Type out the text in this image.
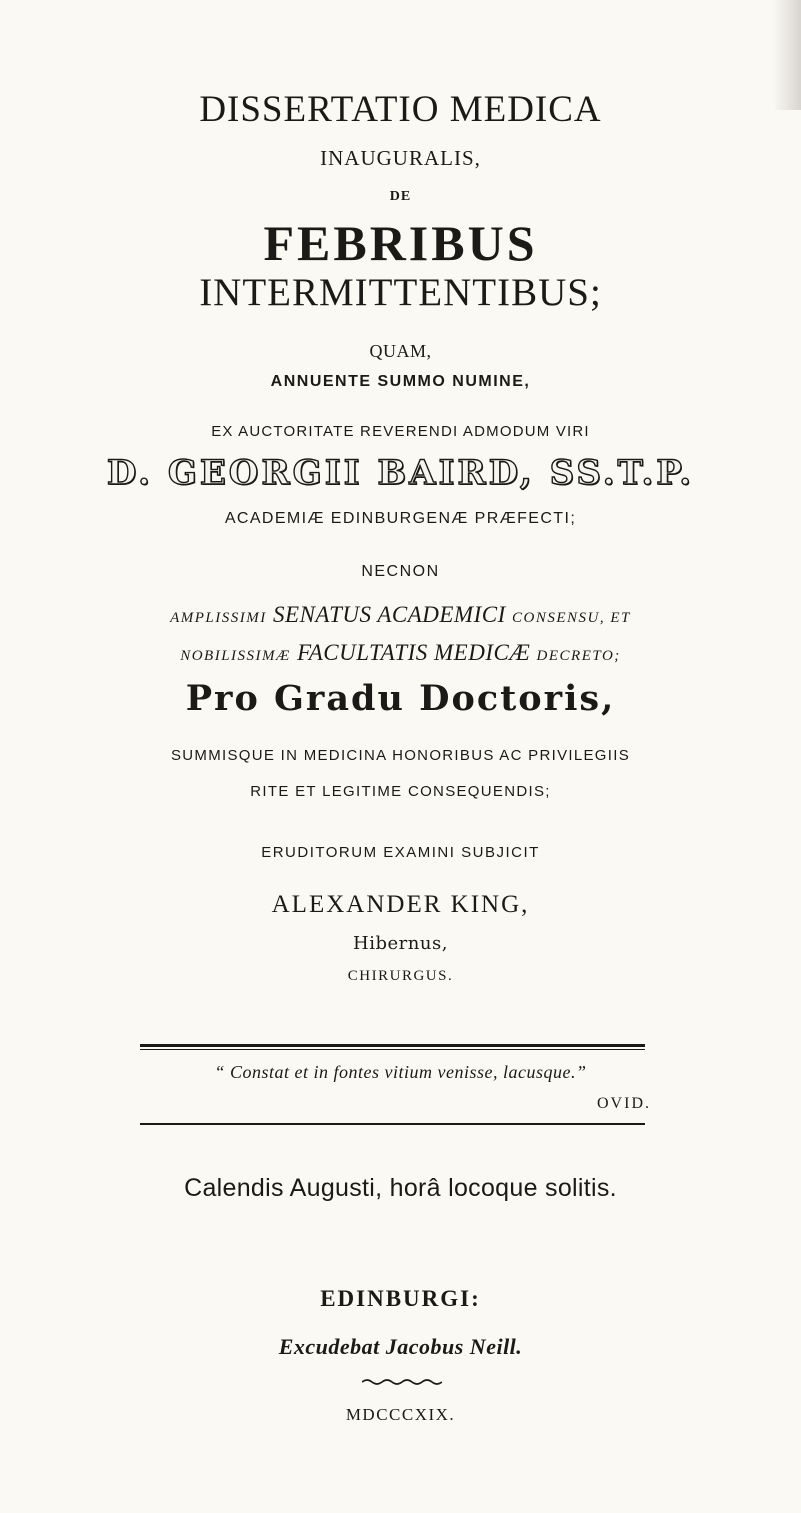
DISSERTATIO MEDICA
INAUGURALIS,
DE
FEBRIBUS
INTERMITTENTIBUS;
QUAM,
ANNUENTE SUMMO NUMINE,
EX AUCTORITATE REVERENDI ADMODUM VIRI
D. GEORGII BAIRD, SS.T.P.
ACADEMIÆ EDINBURGENÆ PRÆFECTI;
NECNON
AMPLISSIMI SENATUS ACADEMICI CONSENSU, ET
NOBILISSIMÆ FACULTATIS MEDICÆ DECRETO;
Pro Gradu Doctoris,
SUMMISQUE IN MEDICINA HONORIBUS AC PRIVILEGIIS
RITE ET LEGITIME CONSEQUENDIS;
ERUDITORUM EXAMINI SUBJICIT
ALEXANDER KING,
Hibernus,
CHIRURGUS.
“ Constat et in fontes vitium venisse, lacusque.”
OVID.
Calendis Augusti, horâ locoque solitis.
EDINBURGI:
Excudebat Jacobus Neill.
MDCCCXIX.
